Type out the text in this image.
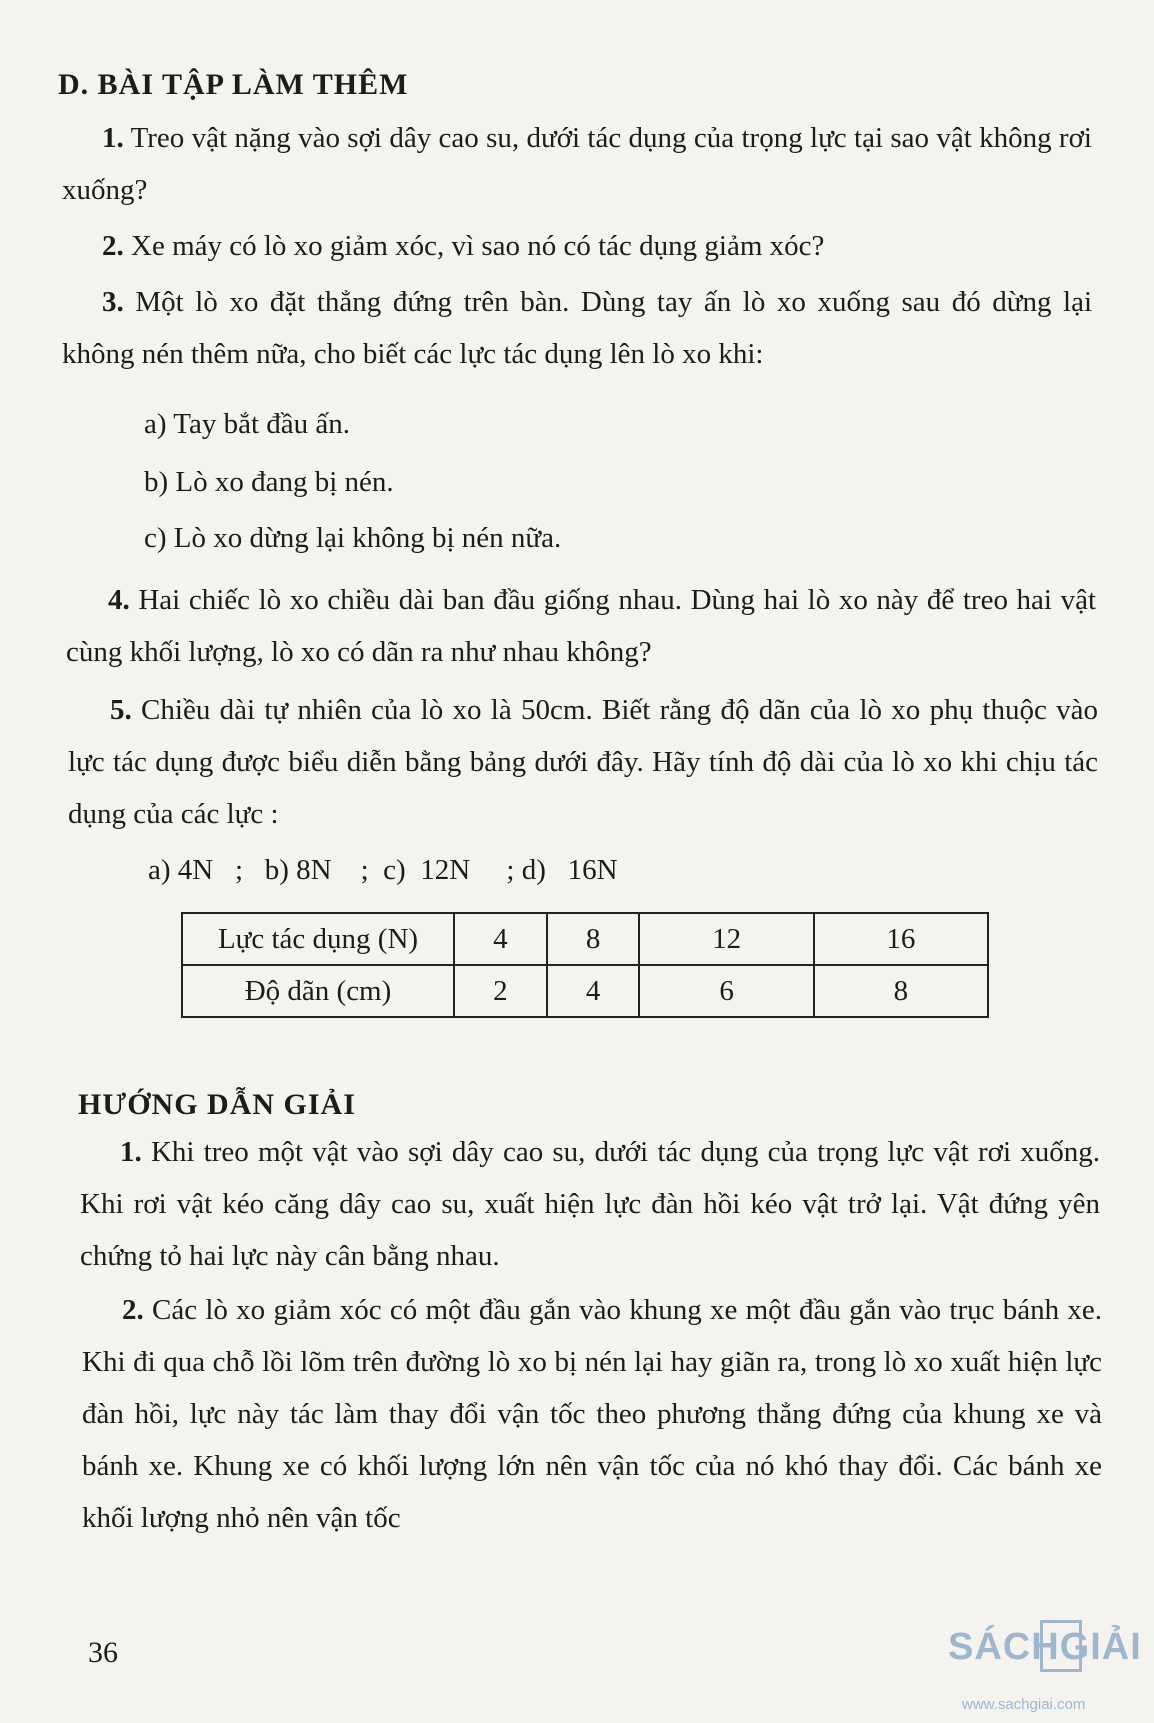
D. BÀI TẬP LÀM THÊM
1. Treo vật nặng vào sợi dây cao su, dưới tác dụng của trọng lực tại sao vật không rơi xuống?
2. Xe máy có lò xo giảm xóc, vì sao nó có tác dụng giảm xóc?
3. Một lò xo đặt thẳng đứng trên bàn. Dùng tay ấn lò xo xuống sau đó dừng lại không nén thêm nữa, cho biết các lực tác dụng lên lò xo khi:
a) Tay bắt đầu ấn.
b) Lò xo đang bị nén.
c) Lò xo dừng lại không bị nén nữa.
4. Hai chiếc lò xo chiều dài ban đầu giống nhau. Dùng hai lò xo này để treo hai vật cùng khối lượng, lò xo có dãn ra như nhau không?
5. Chiều dài tự nhiên của lò xo là 50cm. Biết rằng độ dãn của lò xo phụ thuộc vào lực tác dụng được biểu diễn bằng bảng dưới đây. Hãy tính độ dài của lò xo khi chịu tác dụng của các lực :
a) 4N   ;   b) 8N    ;  c)  12N     ; d)   16N
Lực tác dụng (N)	4	8	12	16
Độ dãn (cm)	2	4	6	8
HƯỚNG DẪN GIẢI
1. Khi treo một vật vào sợi dây cao su, dưới tác dụng của trọng lực vật rơi xuống. Khi rơi vật kéo căng dây cao su, xuất hiện lực đàn hồi kéo vật trở lại. Vật đứng yên chứng tỏ hai lực này cân bằng nhau.
2. Các lò xo giảm xóc có một đầu gắn vào khung xe một đầu gắn vào trục bánh xe. Khi đi qua chỗ lồi lõm trên đường lò xo bị nén lại hay giãn ra, trong lò xo xuất hiện lực đàn hồi, lực này tác làm thay đổi vận tốc theo phương thẳng đứng của khung xe và bánh xe. Khung xe có khối lượng lớn nên vận tốc của nó khó thay đổi. Các bánh xe khối lượng nhỏ nên vận tốc
36	SÁCHGIẢI
www.sachgiai.com
